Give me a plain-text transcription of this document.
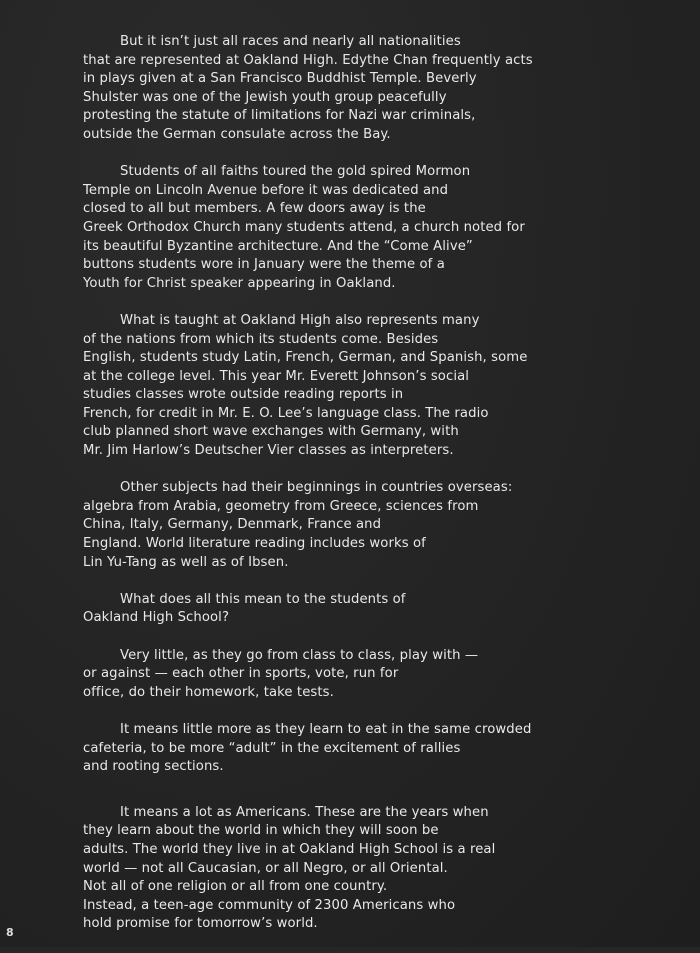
But it isn’t just all races and nearly all nationalities
that are represented at Oakland High. Edythe Chan frequently acts
in plays given at a San Francisco Buddhist Temple. Beverly
Shulster was one of the Jewish youth group peacefully
protesting the statute of limitations for Nazi war criminals,
outside the German consulate across the Bay.

Students of all faiths toured the gold spired Mormon
Temple on Lincoln Avenue before it was dedicated and
closed to all but members. A few doors away is the
Greek Orthodox Church many students attend, a church noted for
its beautiful Byzantine architecture. And the “Come Alive”
buttons students wore in January were the theme of a
Youth for Christ speaker appearing in Oakland.

What is taught at Oakland High also represents many
of the nations from which its students come. Besides
English, students study Latin, French, German, and Spanish, some
at the college level. This year Mr. Everett Johnson’s social
studies classes wrote outside reading reports in
French, for credit in Mr. E. O. Lee’s language class. The radio
club planned short wave exchanges with Germany, with
Mr. Jim Harlow’s Deutscher Vier classes as interpreters.

Other subjects had their beginnings in countries overseas:
algebra from Arabia, geometry from Greece, sciences from
China, Italy, Germany, Denmark, France and
England. World literature reading includes works of
Lin Yu-Tang as well as of Ibsen.

What does all this mean to the students of
Oakland High School?

Very little, as they go from class to class, play with —
or against — each other in sports, vote, run for
office, do their homework, take tests.

It means little more as they learn to eat in the same crowded
cafeteria, to be more “adult” in the excitement of rallies
and rooting sections.

It means a lot as Americans. These are the years when
they learn about the world in which they will soon be
adults. The world they live in at Oakland High School is a real
world — not all Caucasian, or all Negro, or all Oriental.
Not all of one religion or all from one country.
Instead, a teen-age community of 2300 Americans who
hold promise for tomorrow’s world.

8
